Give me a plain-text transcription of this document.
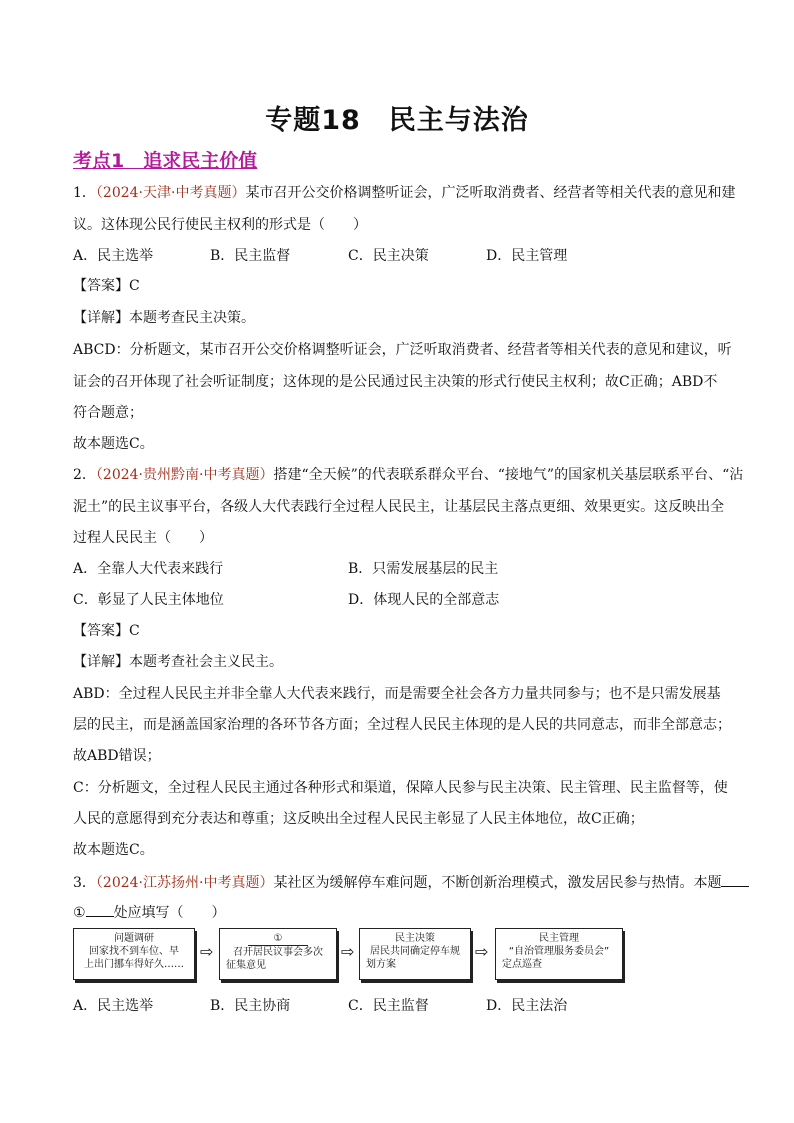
专题18　民主与法治
考点1　追求民主价值
1．（2024·天津·中考真题）某市召开公交价格调整听证会，广泛听取消费者、经营者等相关代表的意见和建
议。这体现公民行使民主权利的形式是（　　）
A．民主选举	B．民主监督	C．民主决策	D．民主管理
【答案】C
【详解】本题考查民主决策。
ABCD：分析题文，某市召开公交价格调整听证会，广泛听取消费者、经营者等相关代表的意见和建议，听
证会的召开体现了社会听证制度；这体现的是公民通过民主决策的形式行使民主权利；故C正确；ABD不
符合题意；
故本题选C。
2．（2024·贵州黔南·中考真题）搭建“全天候”的代表联系群众平台、“接地气”的国家机关基层联系平台、“沾
泥土”的民主议事平台，各级人大代表践行全过程人民民主，让基层民主落点更细、效果更实。这反映出全
过程人民民主（　　）
A．全靠人大代表来践行	B．只需发展基层的民主
C．彰显了人民主体地位	D．体现人民的全部意志
【答案】C
【详解】本题考查社会主义民主。
ABD：全过程人民民主并非全靠人大代表来践行，而是需要全社会各方力量共同参与；也不是只需发展基
层的民主，而是涵盖国家治理的各环节各方面；全过程人民民主体现的是人民的共同意志，而非全部意志；
故ABD错误；
C：分析题文，全过程人民民主通过各种形式和渠道，保障人民参与民主决策、民主管理、民主监督等，使
人民的意愿得到充分表达和尊重；这反映出全过程人民民主彰显了人民主体地位，故C正确；
故本题选C。
3．（2024·江苏扬州·中考真题）某社区为缓解停车难问题，不断创新治理模式，激发居民参与热情。本题
① 处应填写（　　）
问题调研
回家找不到车位、早
上出门挪车得好久……
⇨
①
召开居民议事会多次
征集意见
⇨
民主决策
居民共同确定停车规
划方案
⇨
民主管理
“自治管理服务委员会”
定点巡查
A．民主选举	B．民主协商	C．民主监督	D．民主法治
